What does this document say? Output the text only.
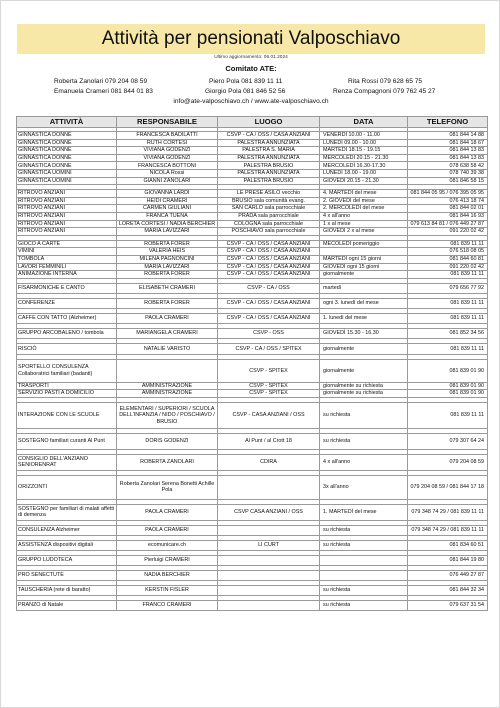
Attività per pensionati Valposchiavo
Ultimo aggiornamento: 06.01.2024
Comitato ATE:
Roberta Zanolari 079 204 08 59	Piero Pola 081 839 11 11	Rita Rossi 079 628 65 75
Emanuela Crameri 081 844 01 83	Giorgio Pola 081 846 52 56	Renza Compagnoni 079 762 45 27
info@ate-valposchiavo.ch / www.ate-valposchiavo.ch
ATTIVITÀ	RESPONSABILE	LUOGO	DATA	TELEFONO

GINNASTICA DONNE	FRANCESCA BADILATTI	CSVP - CA / OSS / CASA ANZIANI	VENERDÌ 10.00 - 11.00	081 844 14 88
GINNASTICA DONNE	RUTH CORTESI	PALESTRA ANNUNZIATA	LUNEDÌ 09.00 - 10.00	081 844 18 67
GINNASTICA DONNE	VIVIANA GODENZI	PALESTRA S. MARIA	MARTEDÌ 18.15 - 19.15	081 844 13 83
GINNASTICA DONNE	VIVIANA GODENZI	PALESTRA ANNUNZIATA	MERCOLEDÌ 20.15 - 21.30	081 844 13 83
GINNASTICA DONNE	FRANCESCA BOTTONI	PALESTRA BRUSIO	MERCOLEDÌ 16.30-17.30	078 638 58 42
GINNASTICA UOMINI	NICOLA Rossi	PALESTRA ANNUNZIATA	LUNEDÌ 18.00 - 19.00	078 740 39 38
GINNASTICA UOMINI	GIANNI ZANOLARI	PALESTRA BRUSIO	GIOVEDÌ 20.15 - 21.30	081 846 58 15

RITROVO ANZIANI	GIOVANNA LARDI	LE PRESE ASILO vecchio	4. MARTEDÌ del mese	081 844 05 95 / 076 395 05 95
RITROVO ANZIANI	HEIDI CRAMERI	BRUSIO sala comunità evang.	2. GIOVEDÌ del mese	076 413 18 74
RITROVO ANZIANI	CARMEN GIULIANI	SAN CARLO sala parrocchiale	2. MERCOLEDÌ del mese	081 844 02 01
RITROVO ANZIANI	FRANCA TUENA	PRADA sala parrocchiale	4 x all'anno	081 844 16 93
RITROVO ANZIANI	LORETA CORTESI / NADIA BERCHIER	COLOGNA sala parrocchiale	1 x al mese	079 613 84 81 / 076 449 27 87
RITROVO ANZIANI	MARIA LAVIZZARI	POSCHIAVO sala parrocchiale	GIOVEDÌ 2 x al mese	091 220 02 42

GIOCO A CARTE	ROBERTA FORER	CSVP - CA / OSS / CASA ANZIANI	MECOLEDÌ pomeriggio	081 839 11 11
VIMINI	VALERIA HEIS	CSVP - CA / OSS / CASA ANZIANI		076 518 08 05
TOMBOLA	MILENA PAGNONCINI	CSVP - CA / OSS / CASA ANZIANI	MARTEDÌ ogni 15 giorni	081 844 60 81
LAVORI FEMMINILI	MARIA LAVIZZARI	CSVP - CA / OSS / CASA ANZIANI	GIOVEDÌ ogni 15 giorni	091 220 02 42
ANIMAZIONE INTERNA	ROBERTA FORER	CSVP - CA / OSS / CASA ANZIANI	giornalmente	081 839 11 11

FISARMONICHE E CANTO	ELISABETH CRAMERI	CSVP - CA / OSS	martedì	079 656 77 92

CONFERENZE	ROBERTA FORER	CSVP - CA / OSS / CASA ANZIANI	ogni 3. lunedì del mese	081 839 11 11

CAFFE CON TATTO (Alzheimer)	PAOLA CRAMERI	CSVP - CA / OSS / CASA ANZIANI	1. lunedì del mese	081 839 11 11

GRUPPO ARCOBALENO / tombola	MARIANGELA CRAMERI	CSVP - OSS	GIOVEDÌ 15.30 - 16.30	081 852 34 56

RISCIÒ	NATALIE VARISTO	CSVP - CA / OSS / SPITEX	giornalmente	081 839 11 11

SPORTELLO CONSULENZA Collaboratrici familiari (badanti)		CSVP - SPITEX	giornalmente	081 839 01 90
TRASPORTI	AMMINISTRAZIONE	CSVP - SPITEX	giornalmente su richiesta	081 839 01 90
SERVIZIO PASTI A DOMICILIO	AMMINISTRAZIONE	CSVP - SPITEX	giornalmente su richiesta	081 839 01 90

INTERAZIONE CON LE SCUOLE	ELEMENTARI / SUPERIORI / SCUOLA DELL'INFANZIA / NIDO / POSCHIAVO / BRUSIO	CSVP - CASA ANZIANI / OSS	su richiesta	081 839 11 11

SOSTEGNO familiari curanti Al Punt	DORIS GODENZI	Al Punt / al Crott 18	su richiesta	079 307 64 24

CONSIGLIO DELL'ANZIANO SENIORENRAT	ROBERTA ZANOLARI	CDIRA	4 x all'anno	079 204 08 59

ORIZZONTI	Roberta Zanolari Serena Bonetti Achille Pola		3x all'anno	079 204 08 59 / 081 844 17 18

SOSTEGNO per familiari di malati affetti di demenza	PAOLA CRAMERI	CSVP CASA ANZIANI / OSS	1. MARTEDÌ del mese	079 348 74 29 / 081 839 11 11

CONSULENZA Alzheimer	PAOLA CRAMERI		su richiesta	079 348 74 29 / 081 839 11 11

ASSISTENZA dispositivi digitali	ecomunicare.ch	LI CURT	su richiesta	081 834 60 51

GRUPPO LUDOTECA	Pierluigi CRAMERI			081 844 19 80

PRO SENECTUTE	NADIA BERCHIER			076 449 27 87

TAUSCHERIA (rete di baratto)	KERSTIN FISLER		su richiesta	081 844 32 34

PRANZO di Natale	FRANCO CRAMERI		su richiesta	079 637 31 54
